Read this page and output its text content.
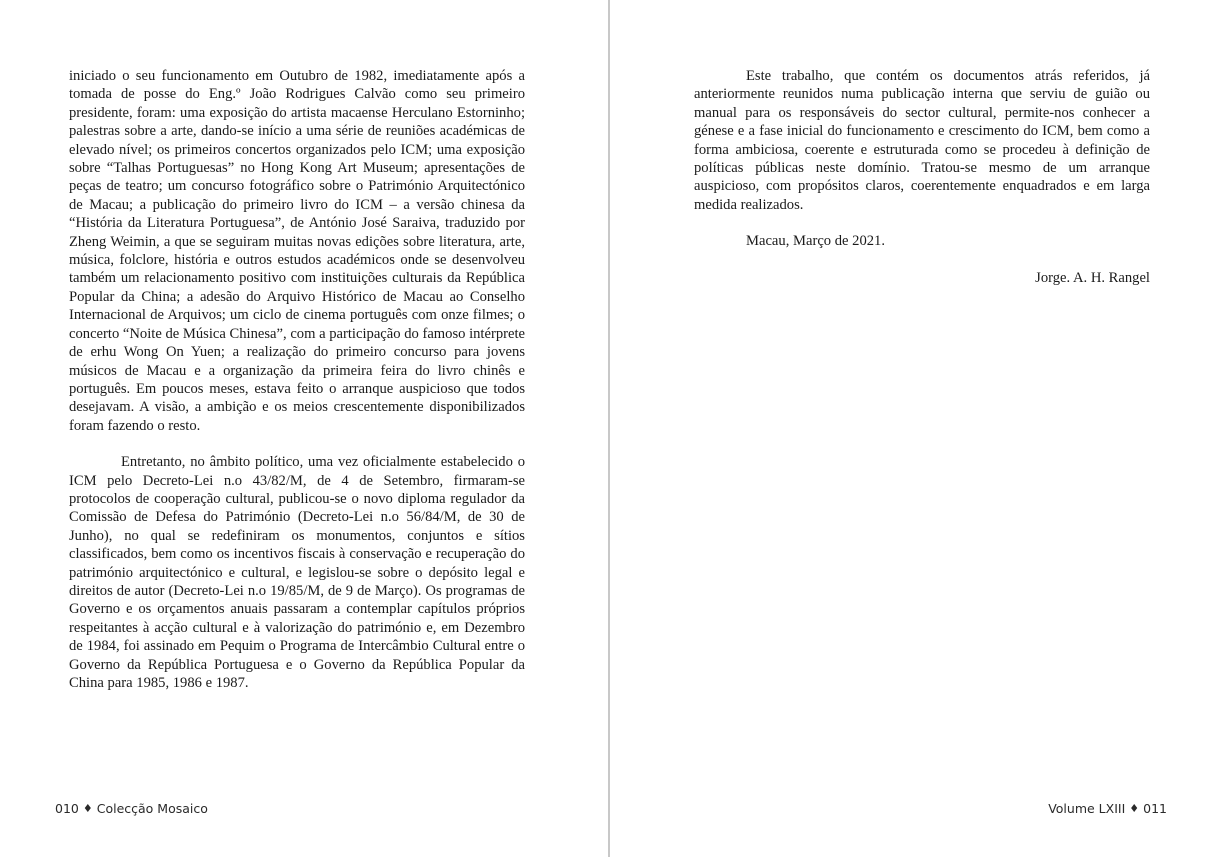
iniciado o seu funcionamento em Outubro de 1982, imediatamente após a tomada de posse do Eng.º João Rodrigues Calvão como seu primeiro presidente, foram: uma exposição do artista macaense Herculano Estorninho; palestras sobre a arte, dando-se início a uma série de reuniões académicas de elevado nível; os primeiros concertos organizados pelo ICM; uma exposição sobre “Talhas Portuguesas” no Hong Kong Art Museum; apresentações de peças de teatro; um concurso fotográfico sobre o Património Arquitectónico de Macau; a publicação do primeiro livro do ICM – a versão chinesa da “História da Literatura Portuguesa”, de António José Saraiva, traduzido por Zheng Weimin, a que se seguiram muitas novas edições sobre literatura, arte, música, folclore, história e outros estudos académicos onde se desenvolveu também um relacionamento positivo com instituições culturais da República Popular da China; a adesão do Arquivo Histórico de Macau ao Conselho Internacional de Arquivos; um ciclo de cinema português com onze filmes; o concerto “Noite de Música Chinesa”, com a participação do famoso intérprete de erhu Wong On Yuen; a realização do primeiro concurso para jovens músicos de Macau e a organização da primeira feira do livro chinês e português. Em poucos meses, estava feito o arranque auspicioso que todos desejavam. A visão, a ambição e os meios crescentemente disponibilizados foram fazendo o resto.

Entretanto, no âmbito político, uma vez oficialmente estabelecido o ICM pelo Decreto-Lei n.o 43/82/M, de 4 de Setembro, firmaram-se protocolos de cooperação cultural, publicou-se o novo diploma regulador da Comissão de Defesa do Património (Decreto-Lei n.o 56/84/M, de 30 de Junho), no qual se redefiniram os monumentos, conjuntos e sítios classificados, bem como os incentivos fiscais à conservação e recuperação do património arquitectónico e cultural, e legislou-se sobre o depósito legal e direitos de autor (Decreto-Lei n.o 19/85/M, de 9 de Março). Os programas de Governo e os orçamentos anuais passaram a contemplar capítulos próprios respeitantes à acção cultural e à valorização do património e, em Dezembro de 1984, foi assinado em Pequim o Programa de Intercâmbio Cultural entre o Governo da República Portuguesa e o Governo da República Popular da China para 1985, 1986 e 1987.

010 ♦ Colecção Mosaico

Este trabalho, que contém os documentos atrás referidos, já anteriormente reunidos numa publicação interna que serviu de guião ou manual para os responsáveis do sector cultural, permite-nos conhecer a génese e a fase inicial do funcionamento e crescimento do ICM, bem como a forma ambiciosa, coerente e estruturada como se procedeu à definição de políticas públicas neste domínio. Tratou-se mesmo de um arranque auspicioso, com propósitos claros, coerentemente enquadrados e em larga medida realizados.

Macau, Março de 2021.

Jorge. A. H. Rangel

Volume LXIII ♦ 011
